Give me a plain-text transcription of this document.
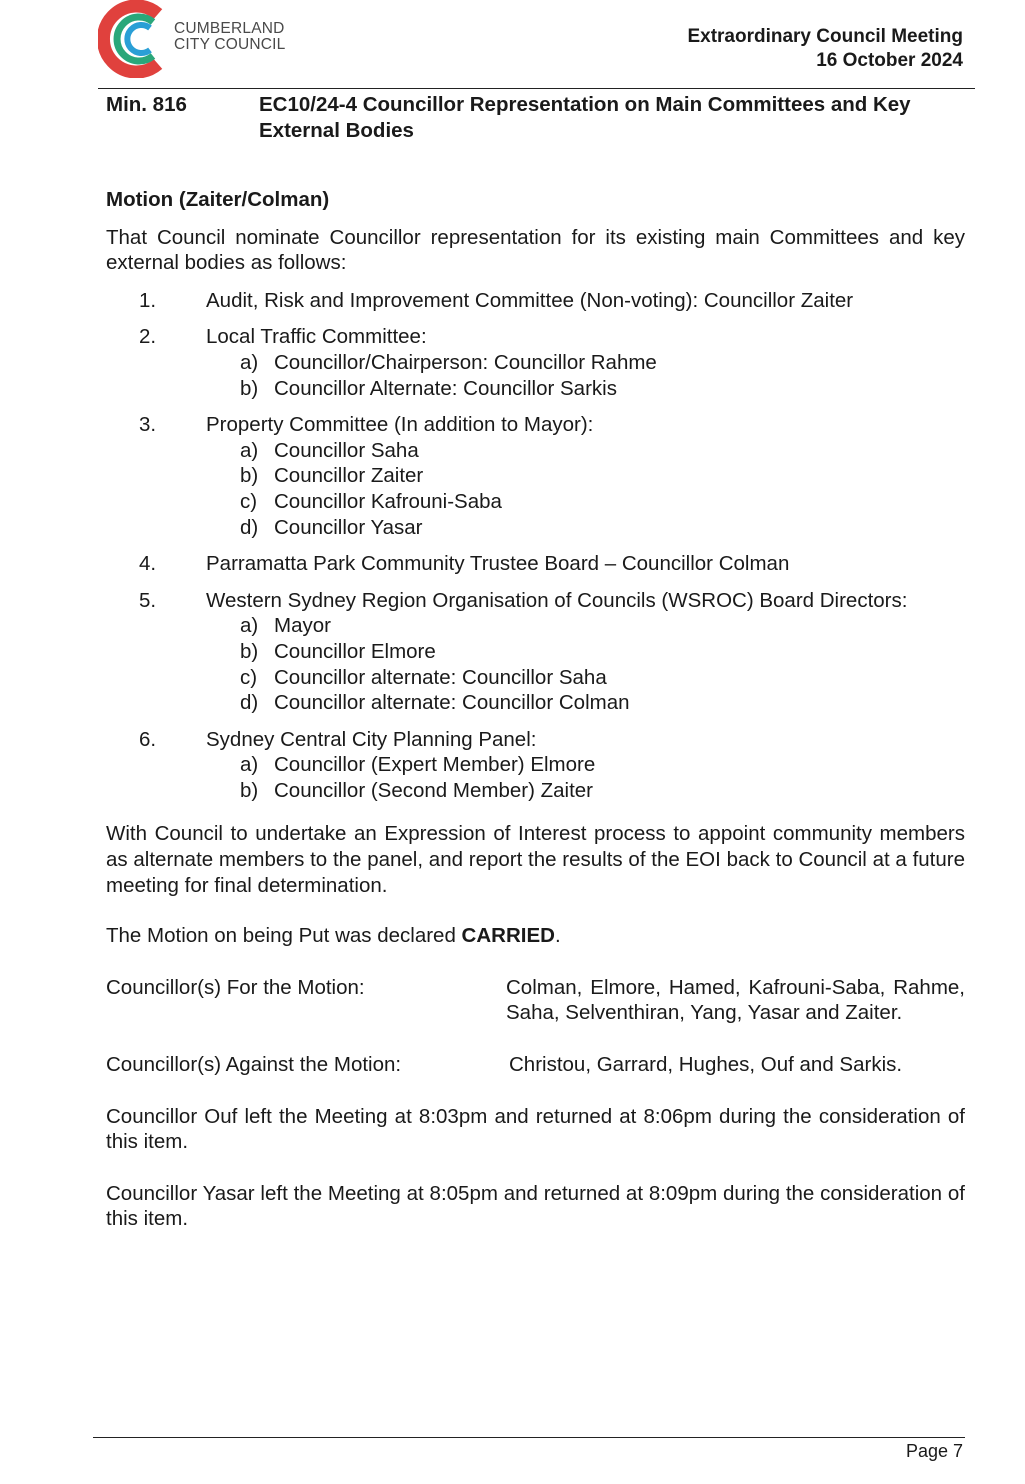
CUMBERLAND
CITY COUNCIL	Extraordinary Council Meeting
16 October 2024
Min. 816	EC10/24-4 Councillor Representation on Main Committees and Key External Bodies

Motion (Zaiter/Colman)

That Council nominate Councillor representation for its existing main Committees and key external bodies as follows:

1. Audit, Risk and Improvement Committee (Non-voting): Councillor Zaiter
2. Local Traffic Committee:
a) Councillor/Chairperson: Councillor Rahme
b) Councillor Alternate: Councillor Sarkis
3. Property Committee (In addition to Mayor):
a) Councillor Saha
b) Councillor Zaiter
c) Councillor Kafrouni-Saba
d) Councillor Yasar
4. Parramatta Park Community Trustee Board – Councillor Colman
5. Western Sydney Region Organisation of Councils (WSROC) Board Directors:
a) Mayor
b) Councillor Elmore
c) Councillor alternate: Councillor Saha
d) Councillor alternate: Councillor Colman
6. Sydney Central City Planning Panel:
a) Councillor (Expert Member) Elmore
b) Councillor (Second Member) Zaiter

With Council to undertake an Expression of Interest process to appoint community members as alternate members to the panel, and report the results of the EOI back to Council at a future meeting for final determination.

The Motion on being Put was declared CARRIED.

Councillor(s) For the Motion:	Colman, Elmore, Hamed, Kafrouni-Saba, Rahme, Saha, Selventhiran, Yang, Yasar and Zaiter.
Councillor(s) Against the Motion:	Christou, Garrard, Hughes, Ouf and Sarkis.

Councillor Ouf left the Meeting at 8:03pm and returned at 8:06pm during the consideration of this item.

Councillor Yasar left the Meeting at 8:05pm and returned at 8:09pm during the consideration of this item.

Page 7
